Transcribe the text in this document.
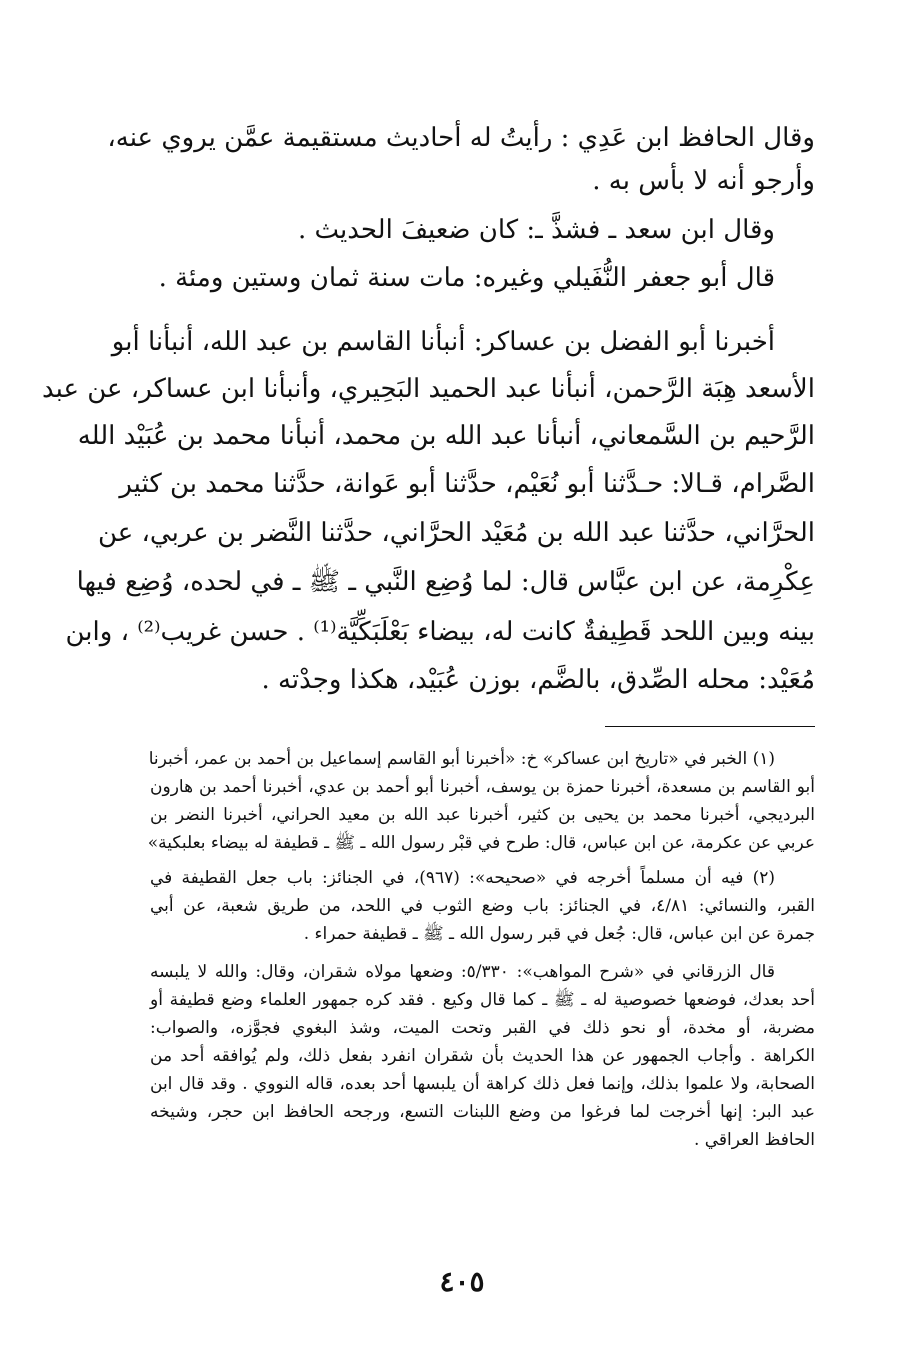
وقال الحافظ ابن عَدِي : رأيتُ له أحاديث مستقيمة عمَّن يروي عنه،

وأرجو أنه لا بأس به .

وقال ابن سعد ـ فشذَّ ـ: كان ضعيفَ الحديث .

قال أبو جعفر النُّفَيلي وغيره: مات سنة ثمان وستين ومئة .

أخبرنا أبو الفضل بن عساكر: أنبأنا القاسم بن عبد الله، أنبأنا أبو

الأسعد هِبَة الرَّحمن، أنبأنا عبد الحميد البَحِيري، وأنبأنا ابن عساكر، عن عبد

الرَّحيم بن السَّمعاني، أنبأنا عبد الله بن محمد، أنبأنا محمد بن عُبَيْد الله

الصَّرام، قـالا: حـدَّثنا أبو نُعَيْم، حدَّثنا أبو عَوانة، حدَّثنا محمد بن كثير

الحرَّاني، حدَّثنا عبد الله بن مُعَيْد الحرَّاني، حدَّثنا النَّضر بن عربي، عن

عِكْرِمة، عن ابن عبَّاس قال: لما وُضِع النَّبي ـ ﷺ ـ في لحده، وُضِع فيها

بينه وبين اللحد قَطِيفةٌ كانت له، بيضاء بَعْلَبَكِّيَّة⁽¹⁾ . حسن غريب⁽²⁾ ، وابن

مُعَيْد: محله الصِّدق، بالضَّم، بوزن عُبَيْد، هكذا وجدْته .

(١) الخبر في «تاريخ ابن عساكر» خ: «أخبرنا أبو القاسم إسماعيل بن أحمد بن عمر، أخبرنا

أبو القاسم بن مسعدة، أخبرنا حمزة بن يوسف، أخبرنا أبو أحمد بن عدي، أخبرنا أحمد بن هارون

البرديجي، أخبرنا محمد بن يحيى بن كثير، أخبرنا عبد الله بن معيد الحراني، أخبرنا النضر بن

عربي عن عكرمة، عن ابن عباس، قال: طرح في قبْر رسول الله ـ ﷺ ـ قطيفة له بيضاء بعلبكية»

(٢) فيه أن مسلماً أخرجه في «صحيحه»: (٩٦٧)، في الجنائز: باب جعل القطيفة في

القبر، والنسائي: ٤/٨١، في الجنائز: باب وضع الثوب في اللحد، من طريق شعبة، عن أبي

جمرة عن ابن عباس، قال: جُعل في قبر رسول الله ـ ﷺ ـ قطيفة حمراء .

قال الزرقاني في «شرح المواهب»: ٥/٣٣٠: وضعها مولاه شقران، وقال: والله لا يلبسه

أحد بعدك، فوضعها خصوصية له ـ ﷺ ـ كما قال وكيع . فقد كره جمهور العلماء وضع قطيفة أو

مضربة، أو مخدة، أو نحو ذلك في القبر وتحت الميت، وشذ البغوي فجوَّزه، والصواب:

الكراهة . وأجاب الجمهور عن هذا الحديث بأن شقران انفرد بفعل ذلك، ولم يُوافقه أحد من

الصحابة، ولا علموا بذلك، وإنما فعل ذلك كراهة أن يلبسها أحد بعده، قاله النووي . وقد قال ابن

عبد البر: إنها أخرجت لما فرغوا من وضع اللبنات التسع، ورجحه الحافظ ابن حجر، وشيخه

الحافظ العراقي .

٤٠٥
